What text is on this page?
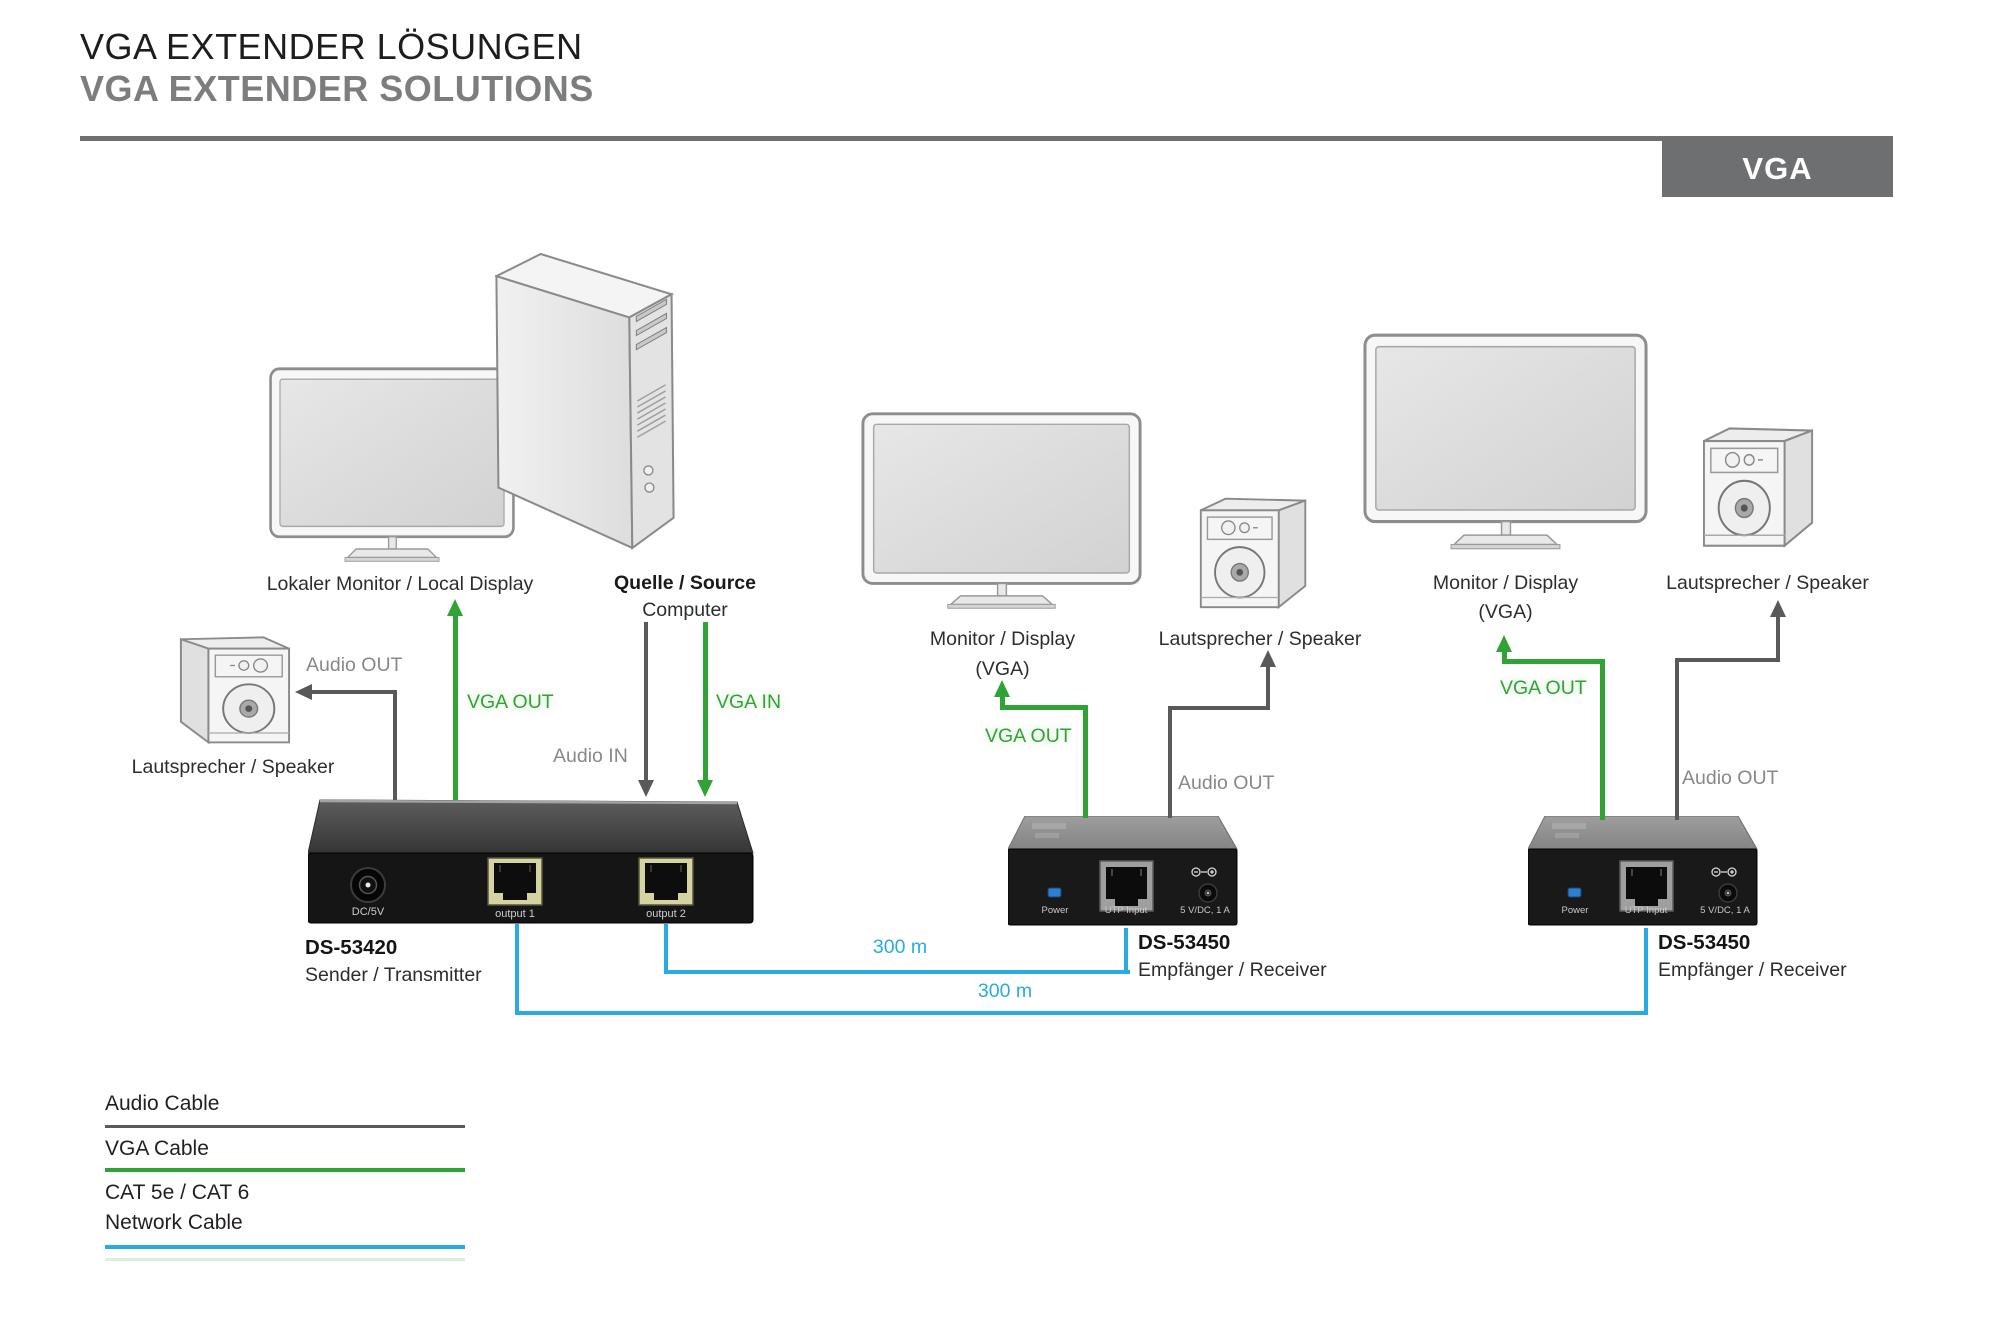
VGA EXTENDER LÖSUNGEN
VGA EXTENDER SOLUTIONS
VGA
Lokaler Monitor / Local Display	Quelle / Source
Computer
Lautsprecher / Speaker
DC/5V	output 1	output 2
DS-53420
Sender / Transmitter
Monitor / Display
(VGA)
Lautsprecher / Speaker
Power	UTP Input	5 V/DC, 1 A
DS-53450
Empfänger / Receiver
Monitor / Display
(VGA)
Lautsprecher / Speaker
Power	UTP Input	5 V/DC, 1 A
DS-53450
Empfänger / Receiver
Audio OUT
VGA OUT
Audio IN
VGA IN
VGA OUT
Audio OUT
VGA OUT
Audio OUT
300 m
300 m
Audio Cable
VGA Cable
CAT 5e / CAT 6
Network Cable
